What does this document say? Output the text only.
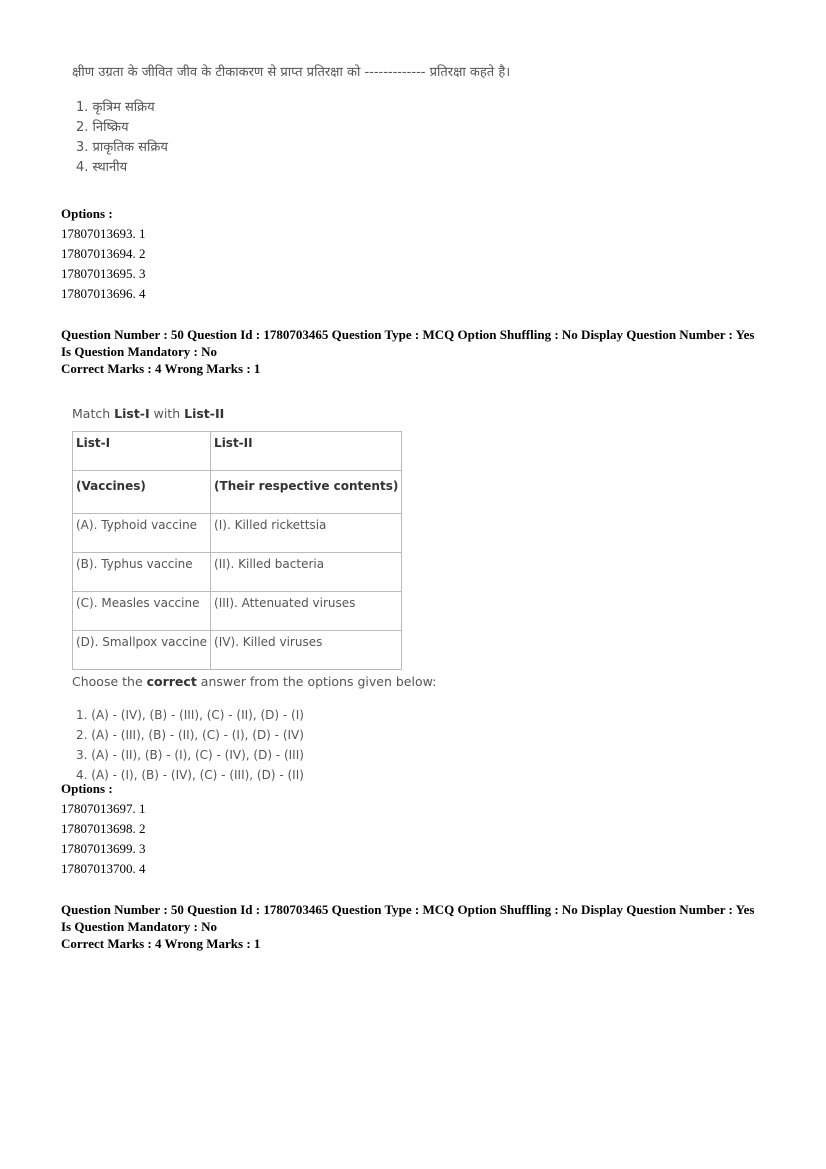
क्षीण उग्रता के जीवित जीव के टीकाकरण से प्राप्त प्रतिरक्षा को ------------- प्रतिरक्षा कहते है।
1. कृत्रिम सक्रिय
2. निष्क्रिय
3. प्राकृतिक सक्रिय
4. स्थानीय
Options :

17807013693. 1

17807013694. 2

17807013695. 3

17807013696. 4

Question Number : 50 Question Id : 1780703465 Question Type : MCQ Option Shuffling : No Display Question Number : Yes
Is Question Mandatory : No
Correct Marks : 4 Wrong Marks : 1
Match List-I with List-II
List-I	List-II
(Vaccines)	(Their respective contents)
(A). Typhoid vaccine	(I). Killed rickettsia
(B). Typhus vaccine	(II). Killed bacteria
(C). Measles vaccine	(III). Attenuated viruses
(D). Smallpox vaccine	(IV). Killed viruses
Choose the correct answer from the options given below:
1. (A) - (IV), (B) - (III), (C) - (II), (D) - (I)
2. (A) - (III), (B) - (II), (C) - (I), (D) - (IV)
3. (A) - (II), (B) - (I), (C) - (IV), (D) - (III)
4. (A) - (I), (B) - (IV), (C) - (III), (D) - (II)
Options :

17807013697. 1

17807013698. 2

17807013699. 3

17807013700. 4

Question Number : 50 Question Id : 1780703465 Question Type : MCQ Option Shuffling : No Display Question Number : Yes
Is Question Mandatory : No
Correct Marks : 4 Wrong Marks : 1
